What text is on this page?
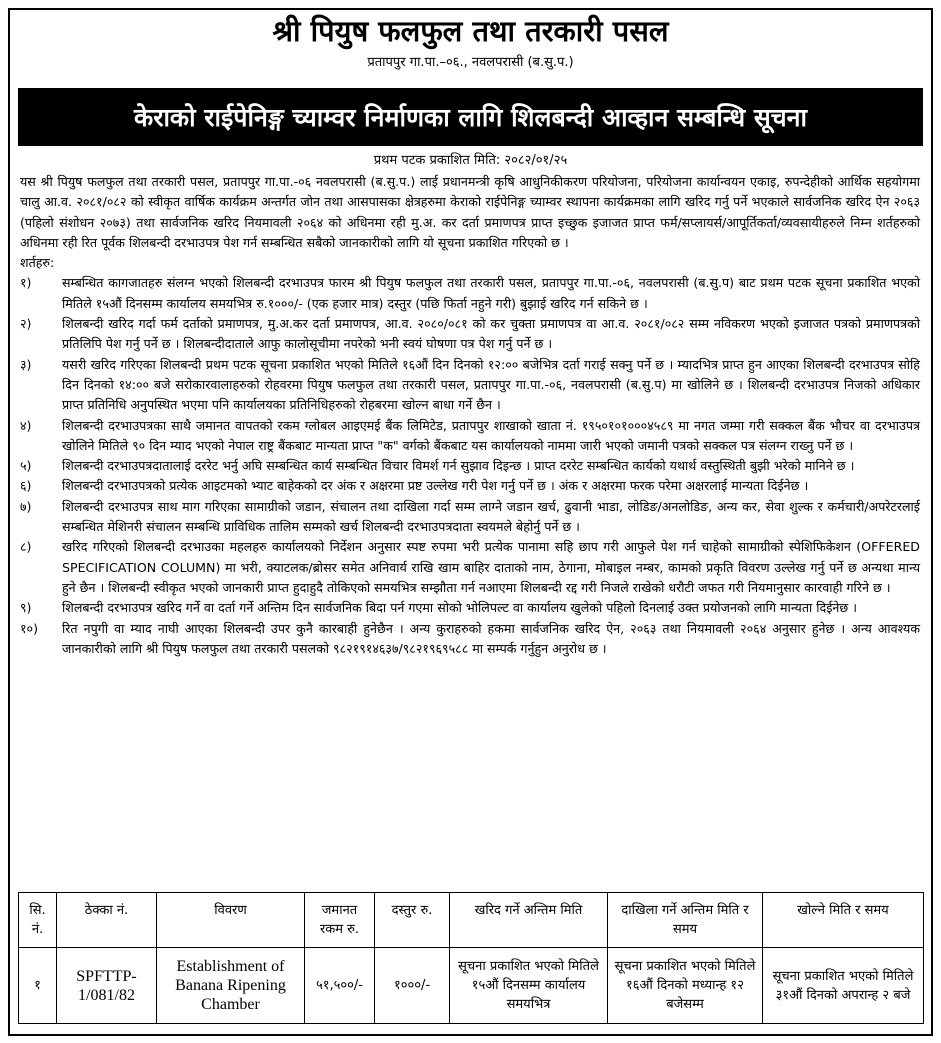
श्री पियुष फलफुल तथा तरकारी पसल
प्रतापपुर गा.पा.–०६., नवलपरासी (ब.सु.प.)
केराको राईपेनिङ्ग च्याम्वर निर्माणका लागि शिलबन्दी आव्हान सम्बन्धि सूचना
प्रथम पटक प्रकाशित मिति: २०८२/०१/२५

यस श्री पियुष फलफुल तथा तरकारी पसल, प्रतापपुर गा.पा.-०६ नवलपरासी (ब.सु.प.) लाई प्रधानमन्त्री कृषि आधुनिकीकरण परियोजना, परियोजना कार्यान्वयन एकाइ, रुपन्देहीको आर्थिक सहयोगमा चालु आ.व. २०८१/०८२ को स्वीकृत वार्षिक कार्यक्रम अन्तर्गत जोन तथा आसपासका क्षेत्रहरुमा केराको राईपेनिङ्ग च्याम्वर स्थापना कार्यक्रमका लागि खरिद गर्नु पर्ने भएकाले सार्वजनिक खरिद ऐन २०६३ (पहिलो संशोधन २०७३) तथा सार्वजनिक खरिद नियमावली २०६४ को अधिनमा रही मु.अ. कर दर्ता प्रमाणपत्र प्राप्त इच्छुक इजाजत प्राप्त फर्म/सप्लायर्स/आपूर्तिकर्ता/व्यवसायीहरुले निम्न शर्तहरुको अधिनमा रही रित पूर्वक शिलबन्दी दरभाउपत्र पेश गर्न सम्बन्धित सबैको जानकारीको लागि यो सूचना प्रकाशित गरिएको छ ।

शर्तहरु:

१)	सम्बन्धित कागजातहरु संलग्न भएको शिलबन्दी दरभाउपत्र फारम श्री पियुष फलफुल तथा तरकारी पसल, प्रतापपुर गा.पा.-०६, नवलपरासी (ब.सु.प) बाट प्रथम पटक सूचना प्रकाशित भएको मितिले १५औं दिनसम्म कार्यालय समयभित्र रु.१०००/- (एक हजार मात्र) दस्तुर (पछि फिर्ता नहुने गरी) बुझाई खरिद गर्न सकिने छ ।
२)	शिलबन्दी खरिद गर्दा फर्म दर्ताको प्रमाणपत्र, मु.अ.कर दर्ता प्रमाणपत्र, आ.व. २०८०/०८१ को कर चुक्ता प्रमाणपत्र वा आ.व. २०८१/०८२ सम्म नविकरण भएको इजाजत पत्रको प्रमाणपत्रको प्रतिलिपि पेश गर्नु पर्ने छ । शिलबन्दीदाताले आफु कालोसूचीमा नपरेको भनी स्वयं घोषणा पत्र पेश गर्नु पर्ने छ ।
३)	यसरी खरिद गरिएका शिलबन्दी प्रथम पटक सूचना प्रकाशित भएको मितिले १६औं दिन दिनको १२:०० बजेभित्र दर्ता गराई सक्नु पर्ने छ । म्यादभित्र प्राप्त हुन आएका शिलबन्दी दरभाउपत्र सोहि दिन दिनको १४:०० बजे सरोकारवालाहरुको रोहवरमा पियुष फलफुल तथा तरकारी पसल, प्रतापपुर गा.पा.-०६, नवलपरासी (ब.सु.प) मा खोलिने छ । शिलबन्दी दरभाउपत्र निजको अधिकार प्राप्त प्रतिनिधि अनुपस्थित भएमा पनि कार्यालयका प्रतिनिधिहरुको रोहबरमा खोल्न बाधा गर्ने छैन ।
४)	शिलबन्दी दरभाउपत्रका साथै जमानत वापतको रकम ग्लोबल आइएमई बैंक लिमिटेड, प्रतापपुर शाखाको खाता नं. १९५०१०१०००४५८९ मा नगत जम्मा गरी सक्कल बैंक भौचर वा दरभाउपत्र खोलिने मितिले ९० दिन म्याद भएको नेपाल राष्ट्र बैंकबाट मान्यता प्राप्त "क" वर्गको बैंकबाट यस कार्यालयको नाममा जारी भएको जमानी पत्रको सक्कल पत्र संलग्न राख्नु पर्ने छ ।
५)	शिलबन्दी दरभाउपत्रदातालाई दररेट भर्नु अघि सम्बन्धित कार्य सम्बन्धित विचार विमर्श गर्न सुझाव दिइन्छ । प्राप्त दररेट सम्बन्धित कार्यको यथार्थ वस्तुस्थिती बुझी भरेको मानिने छ ।
६)	शिलबन्दी दरभाउपत्रको प्रत्येक आइटमको भ्याट बाहेकको दर अंक र अक्षरमा प्रष्ट उल्लेख गरी पेश गर्नु पर्ने छ । अंक र अक्षरमा फरक परेमा अक्षरलाई मान्यता दिईनेछ ।
७)	शिलबन्दी दरभाउपत्र साथ माग गरिएका सामाग्रीको जडान, संचालन तथा दाखिला गर्दा सम्म लाग्ने जडान खर्च, ढुवानी भाडा, लोडिङ/अनलोडिङ, अन्य कर, सेवा शुल्क र कर्मचारी/अपरेटरलाई सम्बन्धित मेशिनरी संचालन सम्बन्धि प्राविधिक तालिम सम्मको खर्च शिलबन्दी दरभाउपत्रदाता स्वयमले बेहोर्नु पर्ने छ ।
८)	खरिद गरिएको शिलबन्दी दरभाउका महलहरु कार्यालयको निर्देशन अनुसार स्पष्ट रुपमा भरी प्रत्येक पानामा सहि छाप गरी आफुले पेश गर्न चाहेको सामाग्रीको स्पेशिफिकेशन (OFFERED SPECIFICATION COLUMN) मा भरी, क्याटलक/ब्रोसर समेत अनिवार्य राखि खाम बाहिर दाताको नाम, ठेगाना, मोबाइल नम्बर, कामको प्रकृति विवरण उल्लेख गर्नु पर्ने छ अन्यथा मान्य हुने छैन । शिलबन्दी स्वीकृत भएको जानकारी प्राप्त हुदाहुदै तोकिएको समयभित्र सम्झौता गर्न नआएमा शिलबन्दी रद्द गरी निजले राखेको धरौटी जफत गरी नियमानुसार कारवाही गरिने छ ।
९)	शिलबन्दी दरभाउपत्र खरिद गर्ने वा दर्ता गर्ने अन्तिम दिन सार्वजनिक बिदा पर्न गएमा सोको भोलिपल्ट वा कार्यालय खुलेको पहिलो दिनलाई उक्त प्रयोजनको लागि मान्यता दिईनेछ ।
१०)	रित नपुगी वा म्याद नाघी आएका शिलबन्दी उपर कुनै कारबाही हुनेछैन । अन्य कुराहरुको हकमा सार्वजनिक खरिद ऐन, २०६३ तथा नियमावली २०६४ अनुसार हुनेछ । अन्य आवश्यक जानकारीको लागि श्री पियुष फलफुल तथा तरकारी पसलको ९८२१९१४६३७/९८२१९६९५८८ मा सम्पर्क गर्नुहुन अनुरोध छ ।
सि. नं.	ठेक्का नं.	विवरण	जमानत रकम रु.	दस्तुर रु.	खरिद गर्ने अन्तिम मिति	दाखिला गर्ने अन्तिम मिति र समय	खोल्ने मिति र समय
१	SPFTTP-1/081/82	Establishment of Banana Ripening Chamber	५१,५००/-	१०००/-	सूचना प्रकाशित भएको मितिले १५औं दिनसम्म कार्यालय समयभित्र	सूचना प्रकाशित भएको मितिले १६औं दिनको मध्यान्ह १२ बजेसम्म	सूचना प्रकाशित भएको मितिले ३१औं दिनको अपरान्ह २ बजे
